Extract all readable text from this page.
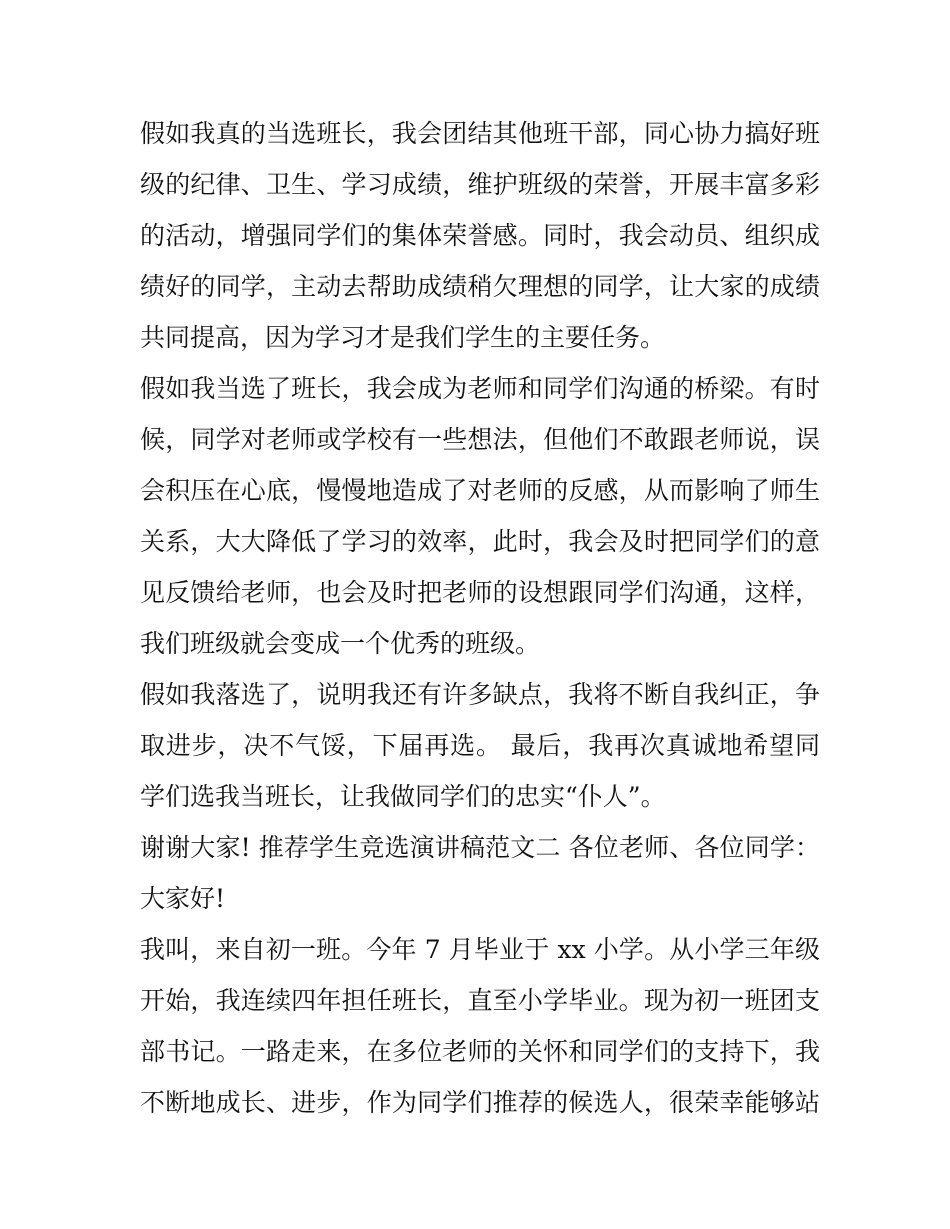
假如我真的当选班长，我会团结其他班干部，同心协力搞好班
级的纪律、卫生、学习成绩，维护班级的荣誉，开展丰富多彩
的活动，增强同学们的集体荣誉感。同时，我会动员、组织成
绩好的同学，主动去帮助成绩稍欠理想的同学，让大家的成绩
共同提高，因为学习才是我们学生的主要任务。
假如我当选了班长，我会成为老师和同学们沟通的桥梁。有时
候，同学对老师或学校有一些想法，但他们不敢跟老师说，误
会积压在心底，慢慢地造成了对老师的反感，从而影响了师生
关系，大大降低了学习的效率，此时，我会及时把同学们的意
见反馈给老师，也会及时把老师的设想跟同学们沟通，这样，
我们班级就会变成一个优秀的班级。
假如我落选了，说明我还有许多缺点，我将不断自我纠正，争
取进步，决不气馁，下届再选。 最后，我再次真诚地希望同
学们选我当班长，让我做同学们的忠实“仆人”。
谢谢大家! 推荐学生竞选演讲稿范文二 各位老师、各位同学：
大家好!
我叫，来自初一班。今年 7 月毕业于 xx 小学。从小学三年级
开始，我连续四年担任班长，直至小学毕业。现为初一班团支
部书记。一路走来，在多位老师的关怀和同学们的支持下，我
不断地成长、进步，作为同学们推荐的候选人，很荣幸能够站
